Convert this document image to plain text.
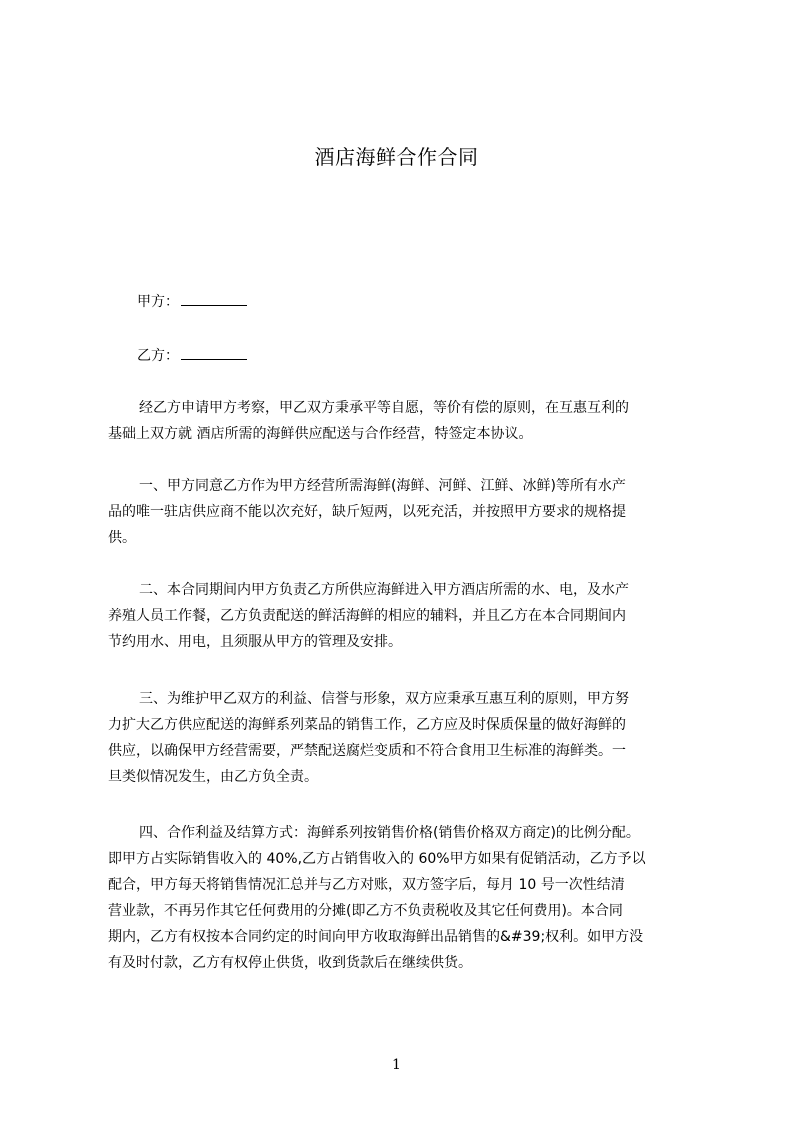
酒店海鲜合作合同
甲方：
乙方：
经乙方申请甲方考察，甲乙双方秉承平等自愿，等价有偿的原则，在互惠互利的
基础上双方就 酒店所需的海鲜供应配送与合作经营，特签定本协议。
一、甲方同意乙方作为甲方经营所需海鲜(海鲜、河鲜、江鲜、冰鲜)等所有水产
品的唯一驻店供应商不能以次充好，缺斤短两，以死充活，并按照甲方要求的规格提
供。
二、本合同期间内甲方负责乙方所供应海鲜进入甲方酒店所需的水、电，及水产
养殖人员工作餐，乙方负责配送的鲜活海鲜的相应的辅料，并且乙方在本合同期间内
节约用水、用电，且须服从甲方的管理及安排。
三、为维护甲乙双方的利益、信誉与形象，双方应秉承互惠互利的原则，甲方努
力扩大乙方供应配送的海鲜系列菜品的销售工作，乙方应及时保质保量的做好海鲜的
供应，以确保甲方经营需要，严禁配送腐烂变质和不符合食用卫生标准的海鲜类。一
旦类似情况发生，由乙方负全责。
四、合作利益及结算方式：海鲜系列按销售价格(销售价格双方商定)的比例分配。
即甲方占实际销售收入的 40%,乙方占销售收入的 60%甲方如果有促销活动，乙方予以
配合，甲方每天将销售情况汇总并与乙方对账，双方签字后，每月 10 号一次性结清
营业款，不再另作其它任何费用的分摊(即乙方不负责税收及其它任何费用)。本合同
期内，乙方有权按本合同约定的时间向甲方收取海鲜出品销售的&#39;权利。如甲方没
有及时付款，乙方有权停止供货，收到货款后在继续供货。
1
